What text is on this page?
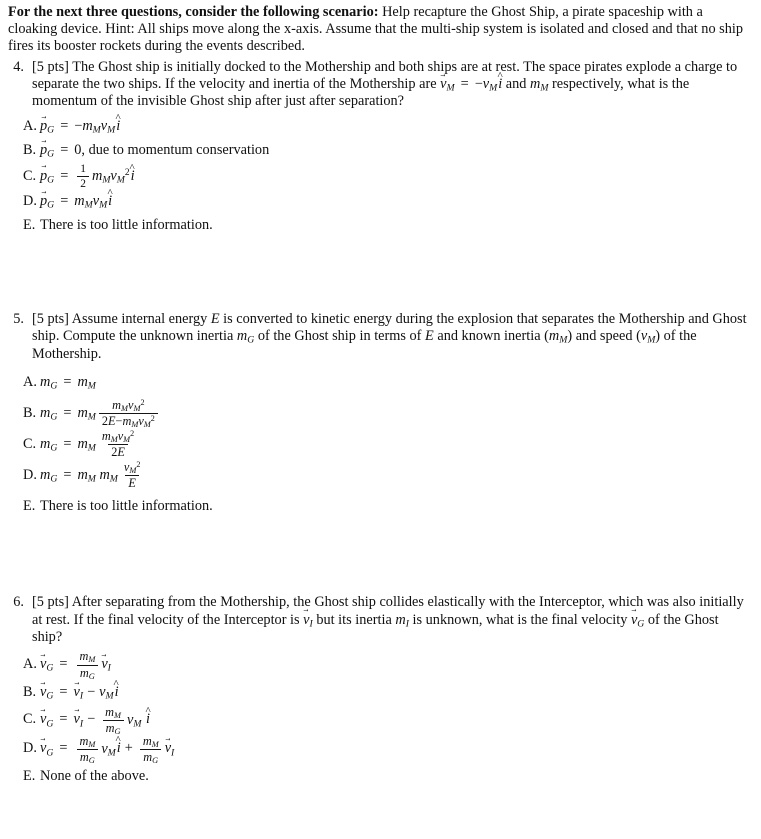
For the next three questions, consider the following scenario: Help recapture the Ghost Ship, a pirate spaceship with a cloaking device. Hint: All ships move along the x-axis. Assume that the multi-ship system is isolated and closed and that no ship fires its booster rockets during the events described.

4. [5 pts] The Ghost ship is initially docked to the Mothership and both ships are at rest. The space pirates explode a charge to separate the two ships. If the velocity and inertia of the Mothership are → $v_M$ = $-v_M\^{}$ i and $m_M$ respectively, what is the momentum of the invisible Ghost ship after just after separation?
A. → $p_G$ = $-m_Mv_M\^{}$ i
B. → $p_G = 0$, due to momentum conservation
C. → $p_G = \frac{1}{2}$ $m_Mv_M^2\^{}$ i
D. → $p_G$ = $m_Mv_M\^{}$ i
E. There is too little information.
5. [5 pts] Assume internal energy E is converted to kinetic energy during the explosion that separates the Mothership and Ghost ship. Compute the unknown inertia $m_G$ of the Ghost ship in terms of E and known inertia $(m_M)$ and speed $(v_M)$ of the Mothership.
A. $m_G = m_M$
B. $m_G = m_M \frac{m_Mv_M^2}{2E-m_Mv_M^2}$
C. $m_G = m_M \frac{m_Mv_M^2}{2E}$
D. $m_G = m_M$ $m_M \frac{v_M^2}{E}$
E. There is too little information.
6. [5 pts] After separating from the Mothership, the Ghost ship collides elastically with the Interceptor, which was also initially at rest. If the final velocity of the Interceptor is → $v_I$ but its inertia $m_I$ is unknown, what is the final velocity → $v_G$ of the Ghost ship?
A. → $v_G = \frac{m_M}{m_G} \to v_I$
B. → $v_G$ = → $v_I$ − $v_M\^{}$ i
C. → $v_G$ = → $v_I - \frac{m_M}{m_G} v_M$ ^ i
D. → $v_G = \frac{m_M}{m_G}$ $v_M\^{}$ $i + \frac{m_M}{m_G} \to v_I$
E. None of the above.
